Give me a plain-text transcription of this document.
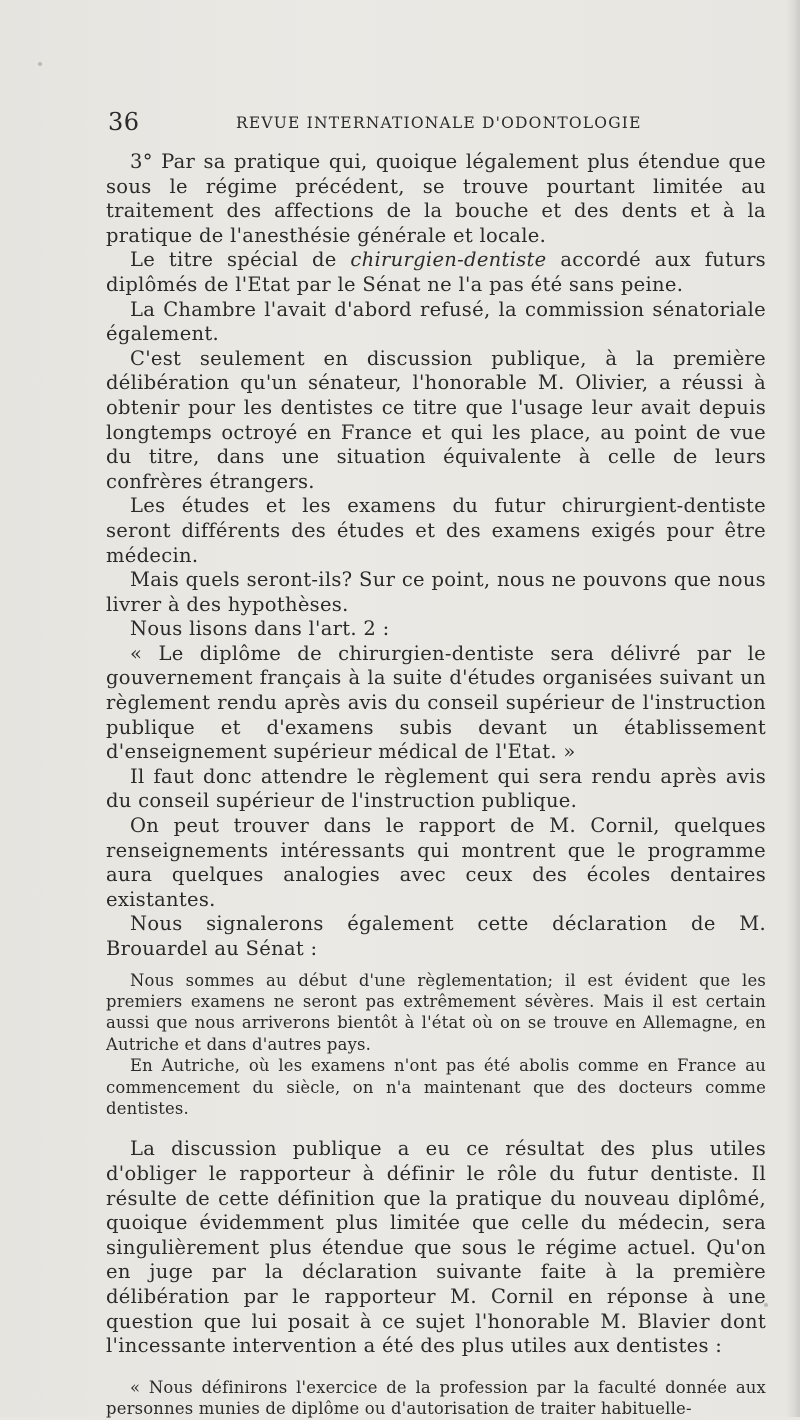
36	REVUE INTERNATIONALE D'ODONTOLOGIE

3° Par sa pratique qui, quoique légalement plus étendue que sous le régime précédent, se trouve pourtant limitée au traitement des affections de la bouche et des dents et à la pratique de l'anesthésie générale et locale.

Le titre spécial de chirurgien-dentiste accordé aux futurs diplômés de l'Etat par le Sénat ne l'a pas été sans peine.

La Chambre l'avait d'abord refusé, la commission sénatoriale également.

C'est seulement en discussion publique, à la première délibération qu'un sénateur, l'honorable M. Olivier, a réussi à obtenir pour les dentistes ce titre que l'usage leur avait depuis longtemps octroyé en France et qui les place, au point de vue du titre, dans une situation équivalente à celle de leurs confrères étrangers.

Les études et les examens du futur chirurgient-dentiste seront différents des études et des examens exigés pour être médecin.

Mais quels seront-ils? Sur ce point, nous ne pouvons que nous livrer à des hypothèses.

Nous lisons dans l'art. 2 :

« Le diplôme de chirurgien-dentiste sera délivré par le gouvernement français à la suite d'études organisées suivant un règlement rendu après avis du conseil supérieur de l'instruction publique et d'examens subis devant un établissement d'enseignement supérieur médical de l'Etat. »

Il faut donc attendre le règlement qui sera rendu après avis du conseil supérieur de l'instruction publique.

On peut trouver dans le rapport de M. Cornil, quelques renseignements intéressants qui montrent que le programme aura quelques analogies avec ceux des écoles dentaires existantes.

Nous signalerons également cette déclaration de M. Brouardel au Sénat :

Nous sommes au début d'une règlementation; il est évident que les premiers examens ne seront pas extrêmement sévères. Mais il est certain aussi que nous arriverons bientôt à l'état où on se trouve en Allemagne, en Autriche et dans d'autres pays.

En Autriche, où les examens n'ont pas été abolis comme en France au commencement du siècle, on n'a maintenant que des docteurs comme dentistes.

La discussion publique a eu ce résultat des plus utiles d'obliger le rapporteur à définir le rôle du futur dentiste. Il résulte de cette définition que la pratique du nouveau diplômé, quoique évidemment plus limitée que celle du médecin, sera singulièrement plus étendue que sous le régime actuel. Qu'on en juge par la déclaration suivante faite à la première délibération par le rapporteur M. Cornil en réponse à une question que lui posait à ce sujet l'honorable M. Blavier dont l'incessante intervention a été des plus utiles aux dentistes :

« Nous définirons l'exercice de la profession par la faculté donnée aux personnes munies de diplôme ou d'autorisation de traiter habituelle-
